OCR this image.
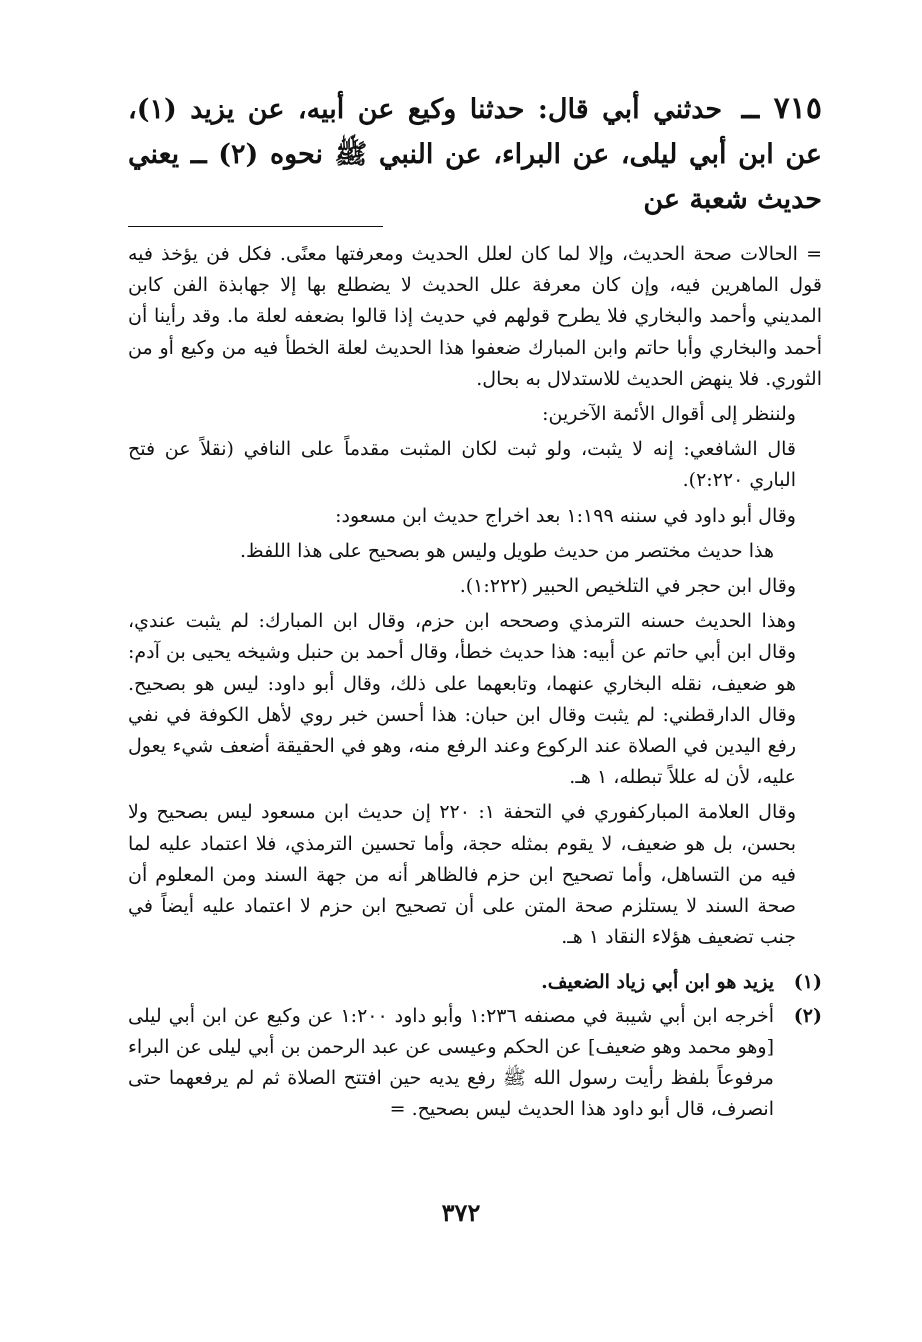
٧١٥ ــ حدثني أبي قال: حدثنا وكيع عن أبيه، عن يزيد (١)، عن ابن أبي ليلى، عن البراء، عن النبي ﷺ نحوه (٢) ــ يعني حديث شعبة عن

= الحالات صحة الحديث، وإلا لما كان لعلل الحديث ومعرفتها معنًى. فكل فن يؤخذ فيه قول الماهرين فيه، وإن كان معرفة علل الحديث لا يضطلع بها إلا جهابذة الفن كابن المديني وأحمد والبخاري فلا يطرح قولهم في حديث إذا قالوا بضعفه لعلة ما. وقد رأينا أن أحمد والبخاري وأبا حاتم وابن المبارك ضعفوا هذا الحديث لعلة الخطأ فيه من وكيع أو من الثوري. فلا ينهض الحديث للاستدلال به بحال.

ولننظر إلى أقوال الأئمة الآخرين:

قال الشافعي: إنه لا يثبت، ولو ثبت لكان المثبت مقدماً على النافي (نقلاً عن فتح الباري ٢:٢٢٠).

وقال أبو داود في سننه ١:١٩٩ بعد اخراج حديث ابن مسعود:

هذا حديث مختصر من حديث طويل وليس هو بصحيح على هذا اللفظ.

وقال ابن حجر في التلخيص الحبير (١:٢٢٢).

وهذا الحديث حسنه الترمذي وصححه ابن حزم، وقال ابن المبارك: لم يثبت عندي، وقال ابن أبي حاتم عن أبيه: هذا حديث خطأ، وقال أحمد بن حنبل وشيخه يحيى بن آدم: هو ضعيف، نقله البخاري عنهما، وتابعهما على ذلك، وقال أبو داود: ليس هو بصحيح. وقال الدارقطني: لم يثبت وقال ابن حبان: هذا أحسن خبر روي لأهل الكوفة في نفي رفع اليدين في الصلاة عند الركوع وعند الرفع منه، وهو في الحقيقة أضعف شيء يعول عليه، لأن له عللاً تبطله، ١ هـ.

وقال العلامة المباركفوري في التحفة ١: ٢٢٠ إن حديث ابن مسعود ليس بصحيح ولا بحسن، بل هو ضعيف، لا يقوم بمثله حجة، وأما تحسين الترمذي، فلا اعتماد عليه لما فيه من التساهل، وأما تصحيح ابن حزم فالظاهر أنه من جهة السند ومن المعلوم أن صحة السند لا يستلزم صحة المتن على أن تصحيح ابن حزم لا اعتماد عليه أيضاً في جنب تضعيف هؤلاء النقاد ١ هـ.

(١)
يزيد هو ابن أبي زياد الضعيف.
(٢)
أخرجه ابن أبي شيبة في مصنفه ١:٢٣٦ وأبو داود ١:٢٠٠ عن وكيع عن ابن أبي ليلى [وهو محمد وهو ضعيف] عن الحكم وعيسى عن عبد الرحمن بن أبي ليلى عن البراء مرفوعاً بلفظ رأيت رسول الله ﷺ رفع يديه حين افتتح الصلاة ثم لم يرفعهما حتى انصرف، قال أبو داود هذا الحديث ليس بصحيح. =
٣٧٢
